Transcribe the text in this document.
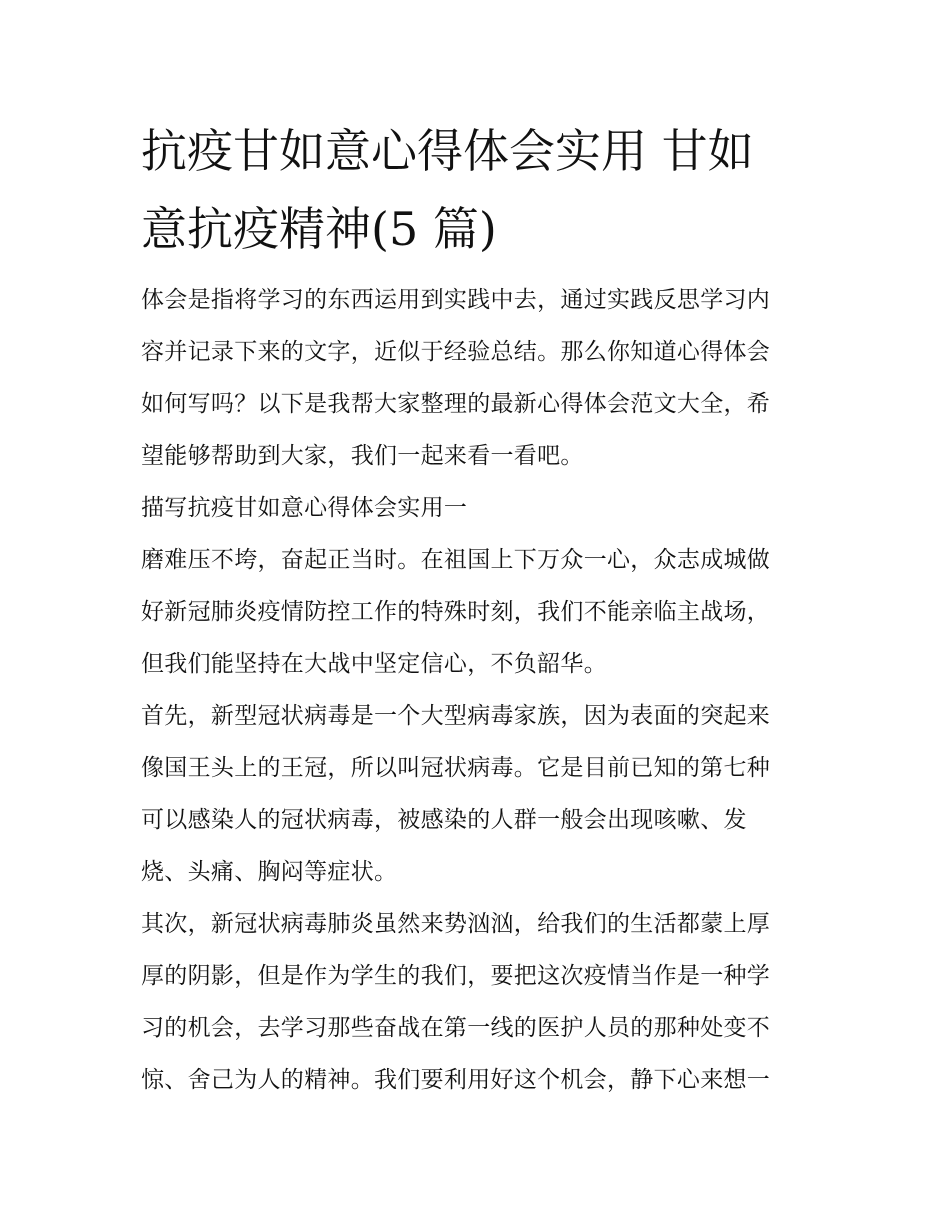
抗疫甘如意心得体会实用 甘如
意抗疫精神(5 篇)
体会是指将学习的东西运用到实践中去，通过实践反思学习内
容并记录下来的文字，近似于经验总结。那么你知道心得体会
如何写吗？以下是我帮大家整理的最新心得体会范文大全，希
望能够帮助到大家，我们一起来看一看吧。
描写抗疫甘如意心得体会实用一
磨难压不垮，奋起正当时。在祖国上下万众一心，众志成城做
好新冠肺炎疫情防控工作的特殊时刻，我们不能亲临主战场，
但我们能坚持在大战中坚定信心，不负韶华。
首先，新型冠状病毒是一个大型病毒家族，因为表面的突起来
像国王头上的王冠，所以叫冠状病毒。它是目前已知的第七种
可以感染人的冠状病毒，被感染的人群一般会出现咳嗽、发
烧、头痛、胸闷等症状。
其次，新冠状病毒肺炎虽然来势汹汹，给我们的生活都蒙上厚
厚的阴影，但是作为学生的我们，要把这次疫情当作是一种学
习的机会，去学习那些奋战在第一线的医护人员的那种处变不
惊、舍己为人的精神。我们要利用好这个机会，静下心来想一
